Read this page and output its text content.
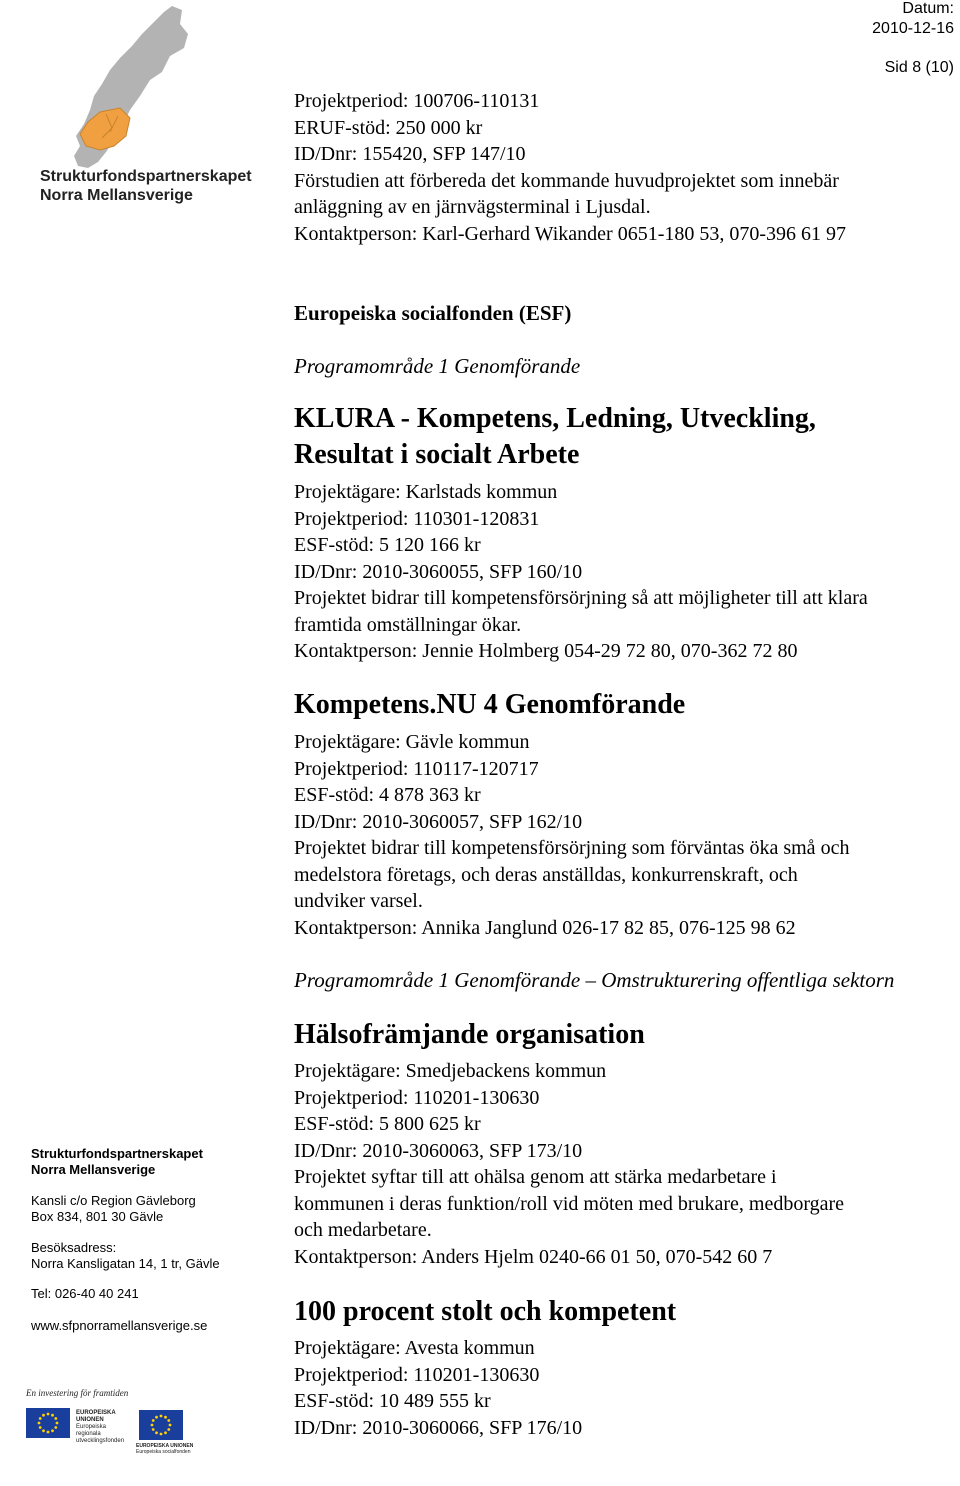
Datum:
2010-12-16
Sid 8 (10)
Strukturfondspartnerskapet
Norra Mellansverige
Projektperiod: 100706-110131
ERUF-stöd: 250 000 kr
ID/Dnr: 155420, SFP 147/10
Förstudien att förbereda det kommande huvudprojektet som innebär
anläggning av en järnvägsterminal i Ljusdal.
Kontaktperson: Karl-Gerhard Wikander 0651-180 53, 070-396 61 97
Europeiska socialfonden (ESF)
Programområde 1 Genomförande
KLURA - Kompetens, Ledning, Utveckling,
Resultat i socialt Arbete
Projektägare: Karlstads kommun
Projektperiod: 110301-120831
ESF-stöd: 5 120 166 kr
ID/Dnr: 2010-3060055, SFP 160/10
Projektet bidrar till kompetensförsörjning så att möjligheter till att klara
framtida omställningar ökar.
Kontaktperson: Jennie Holmberg 054-29 72 80, 070-362 72 80
Kompetens.NU 4 Genomförande
Projektägare: Gävle kommun
Projektperiod: 110117-120717
ESF-stöd: 4 878 363 kr
ID/Dnr: 2010-3060057, SFP 162/10
Projektet bidrar till kompetensförsörjning som förväntas öka små och
medelstora företags, och deras anställdas, konkurrenskraft, och
undviker varsel.
Kontaktperson: Annika Janglund 026-17 82 85, 076-125 98 62
Programområde 1 Genomförande – Omstrukturering offentliga sektorn
Hälsofrämjande organisation
Projektägare: Smedjebackens kommun
Projektperiod: 110201-130630
ESF-stöd: 5 800 625 kr
ID/Dnr: 2010-3060063, SFP 173/10
Projektet syftar till att ohälsa genom att stärka medarbetare i
kommunen i deras funktion/roll vid möten med brukare, medborgare
och medarbetare.
Kontaktperson: Anders Hjelm 0240-66 01 50, 070-542 60 7
100 procent stolt och kompetent
Projektägare: Avesta kommun
Projektperiod: 110201-130630
ESF-stöd: 10 489 555 kr
ID/Dnr: 2010-3060066, SFP 176/10
Strukturfondspartnerskapet
Norra Mellansverige
Kansli c/o Region Gävleborg
Box 834, 801 30 Gävle
Besöksadress:
Norra Kansligatan 14, 1 tr, Gävle
Tel: 026-40 40 241
www.sfpnorramellansverige.se
En investering för framtiden
EUROPEISKA
UNIONEN
Europeiska
regionala
utvecklingsfonden
EUROPEISKA UNIONEN
Europeiska socialfonden
